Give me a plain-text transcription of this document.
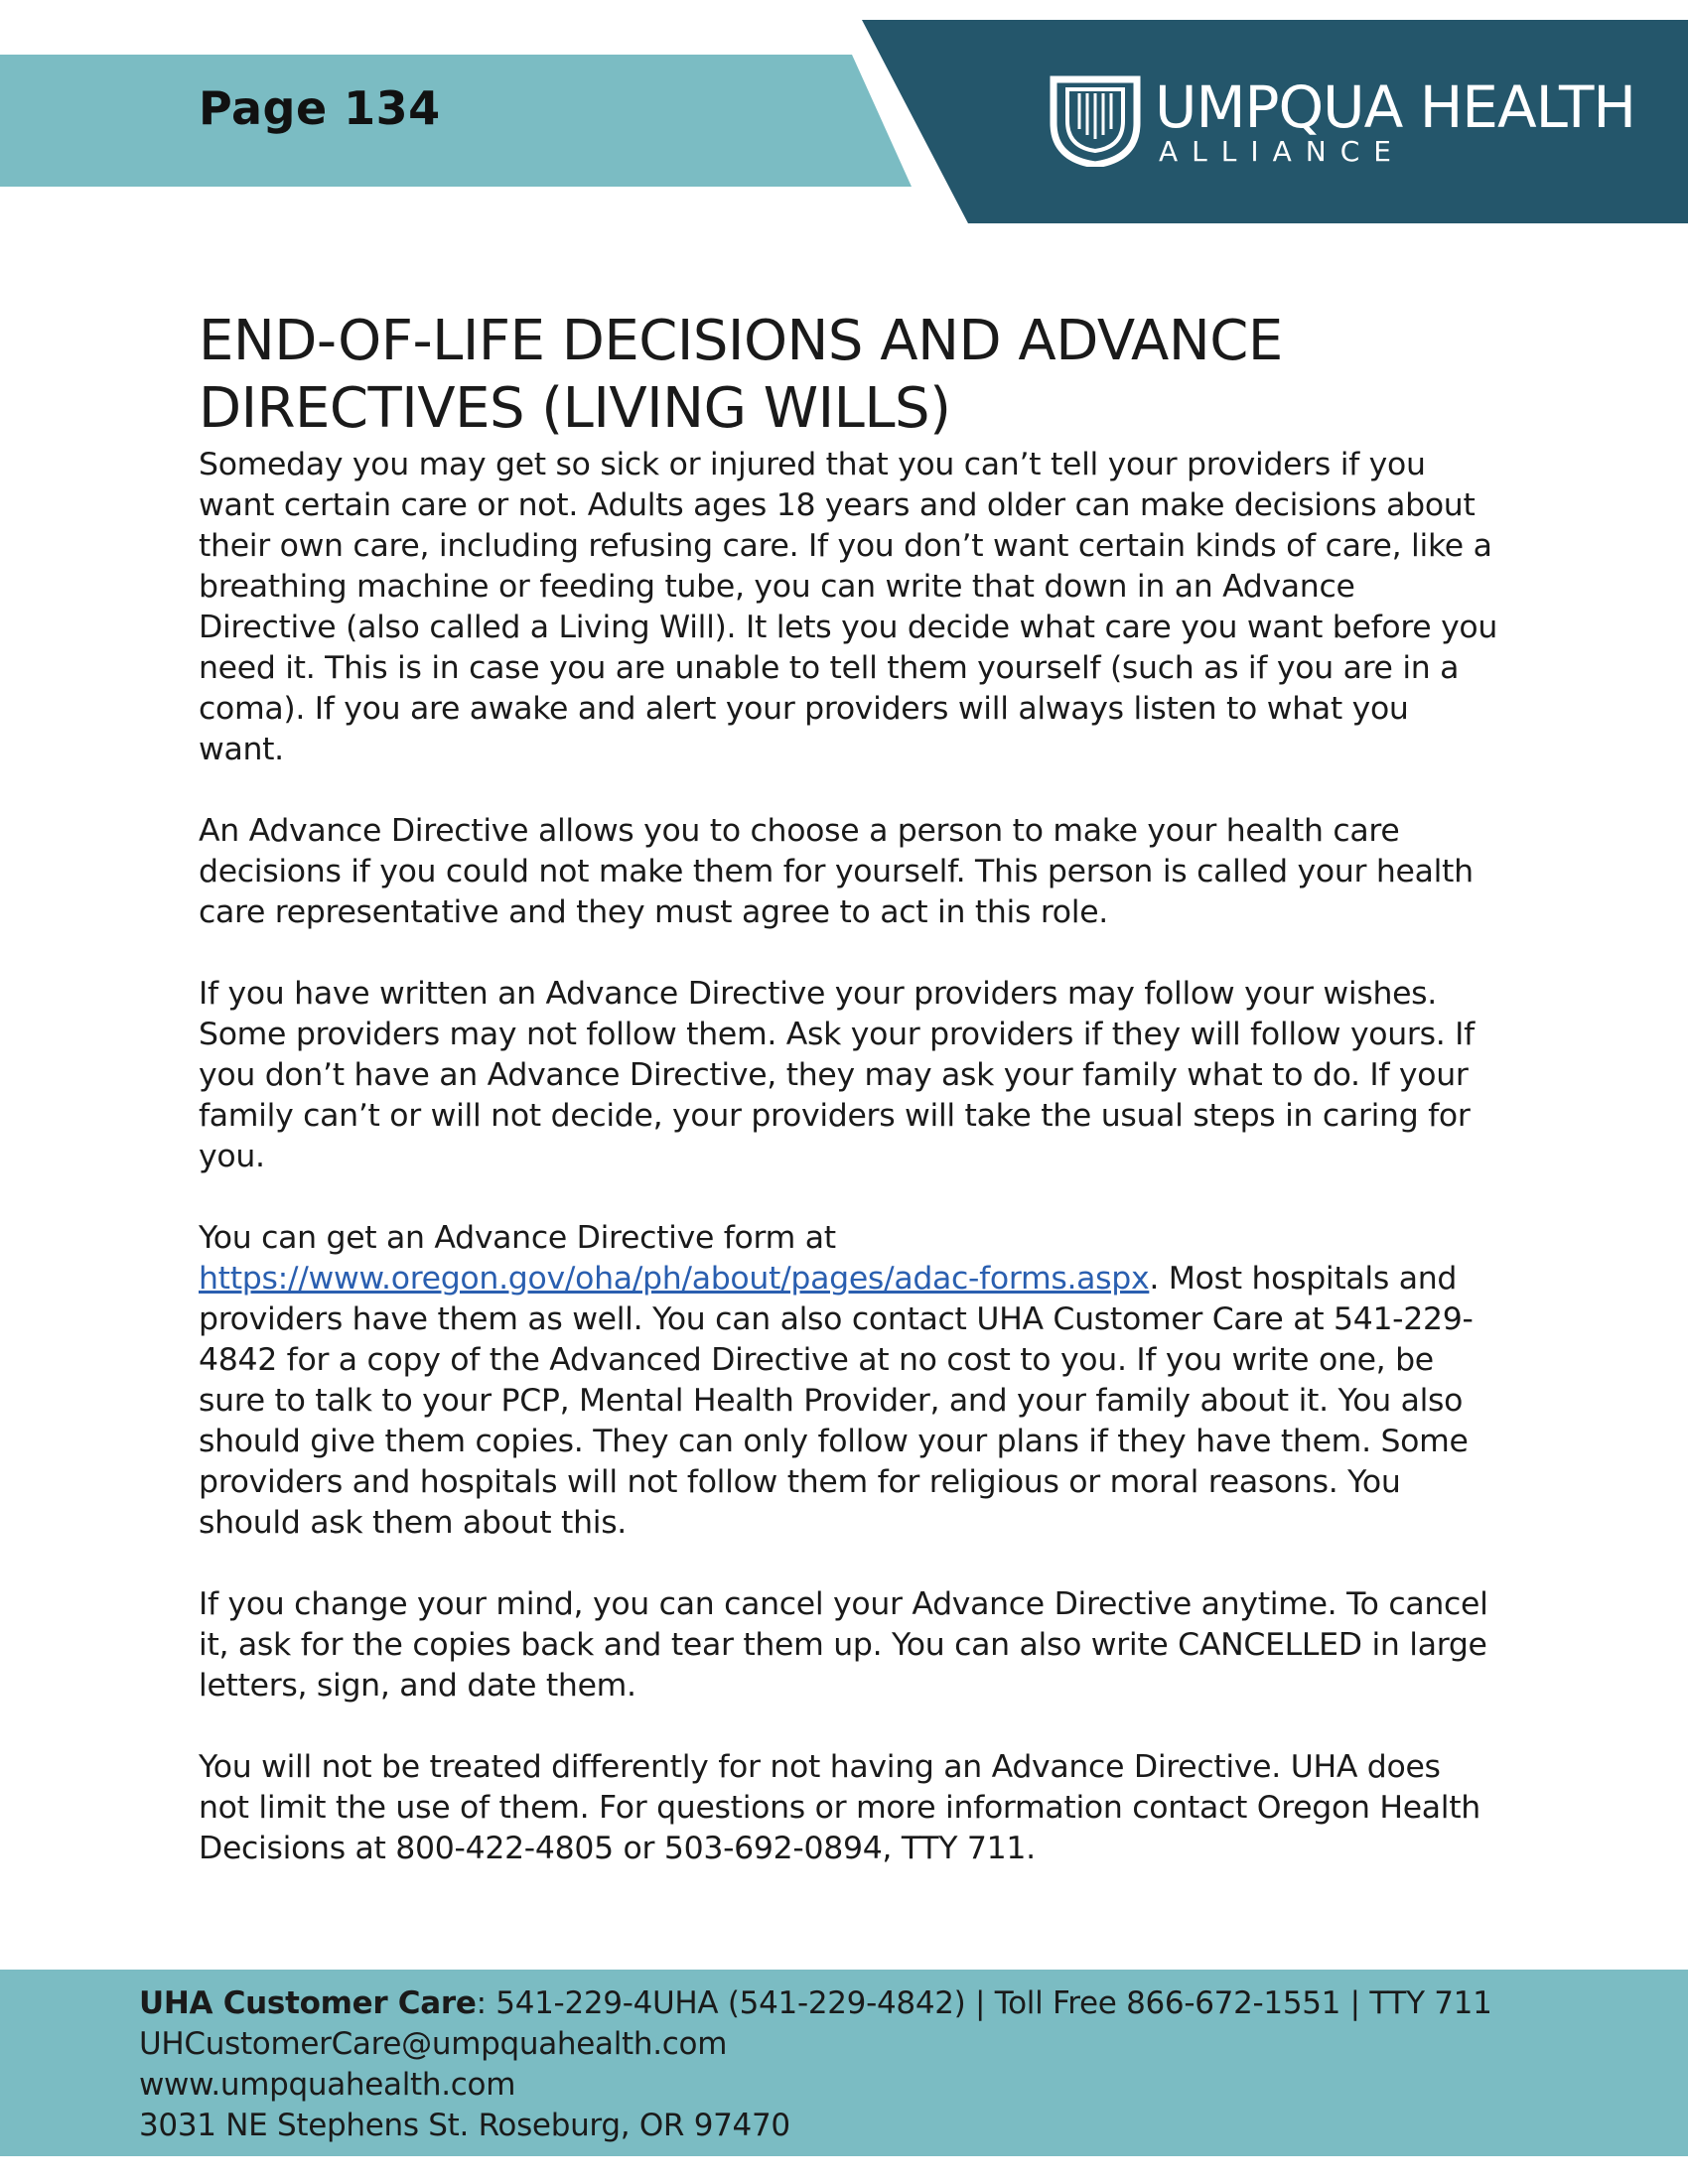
Page 134	UMPQUA HEALTH
ALLIANCE
END-OF-LIFE DECISIONS AND ADVANCE DIRECTIVES (LIVING WILLS)

Someday you may get so sick or injured that you can’t tell your providers if you want certain care or not. Adults ages 18 years and older can make decisions about their own care, including refusing care. If you don’t want certain kinds of care, like a breathing machine or feeding tube, you can write that down in an Advance Directive (also called a Living Will). It lets you decide what care you want before you need it. This is in case you are unable to tell them yourself (such as if you are in a coma). If you are awake and alert your providers will always listen to what you want.

An Advance Directive allows you to choose a person to make your health care decisions if you could not make them for yourself. This person is called your health care representative and they must agree to act in this role.

If you have written an Advance Directive your providers may follow your wishes. Some providers may not follow them. Ask your providers if they will follow yours. If you don’t have an Advance Directive, they may ask your family what to do. If your family can’t or will not decide, your providers will take the usual steps in caring for you.

You can get an Advance Directive form at https://www.oregon.gov/oha/ph/about/pages/adac-forms.aspx. Most hospitals and providers have them as well. You can also contact UHA Customer Care at 541-229-4842 for a copy of the Advanced Directive at no cost to you. If you write one, be sure to talk to your PCP, Mental Health Provider, and your family about it. You also should give them copies. They can only follow your plans if they have them. Some providers and hospitals will not follow them for religious or moral reasons. You should ask them about this.

If you change your mind, you can cancel your Advance Directive anytime. To cancel it, ask for the copies back and tear them up. You can also write CANCELLED in large letters, sign, and date them.

You will not be treated differently for not having an Advance Directive. UHA does not limit the use of them. For questions or more information contact Oregon Health Decisions at 800-422-4805 or 503-692-0894, TTY 711.

UHA Customer Care: 541-229-4UHA (541-229-4842) | Toll Free 866-672-1551 | TTY 711
UHCustomerCare@umpquahealth.com
www.umpquahealth.com
3031 NE Stephens St. Roseburg, OR 97470
